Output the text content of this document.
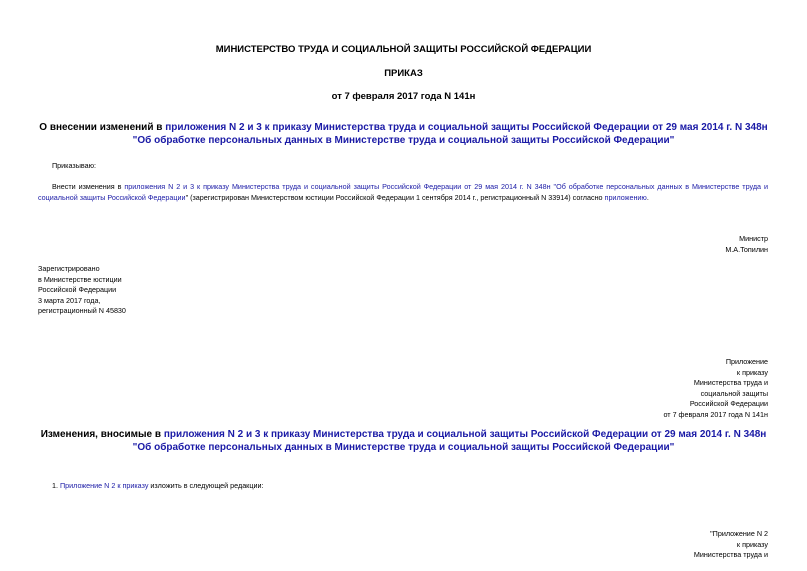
МИНИСТЕРСТВО ТРУДА И СОЦИАЛЬНОЙ ЗАЩИТЫ РОССИЙСКОЙ ФЕДЕРАЦИИ
ПРИКАЗ
от 7 февраля 2017 года N 141н
О внесении изменений в приложения N 2 и 3 к приказу Министерства труда и социальной защиты Российской Федерации от 29 мая 2014 г. N 348н "Об обработке персональных данных в Министерстве труда и социальной защиты Российской Федерации"
Приказываю:
Внести изменения в приложения N 2 и 3 к приказу Министерства труда и социальной защиты Российской Федерации от 29 мая 2014 г. N 348н "Об обработке персональных данных в Министерстве труда и социальной защиты Российской Федерации" (зарегистрирован Министерством юстиции Российской Федерации 1 сентября 2014 г., регистрационный N 33914) согласно приложению.
Министр
М.А.Топилин
Зарегистрировано
в Министерстве юстиции
Российской Федерации
3 марта 2017 года,
регистрационный N 45830
Приложение
к приказу
Министерства труда и
социальной защиты
Российской Федерации
от 7 февраля 2017 года N 141н
Изменения, вносимые в приложения N 2 и 3 к приказу Министерства труда и социальной защиты Российской Федерации от 29 мая 2014 г. N 348н "Об обработке персональных данных в Министерстве труда и социальной защиты Российской Федерации"
1. Приложение N 2 к приказу изложить в следующей редакции:
"Приложение N 2
к приказу
Министерства труда и
